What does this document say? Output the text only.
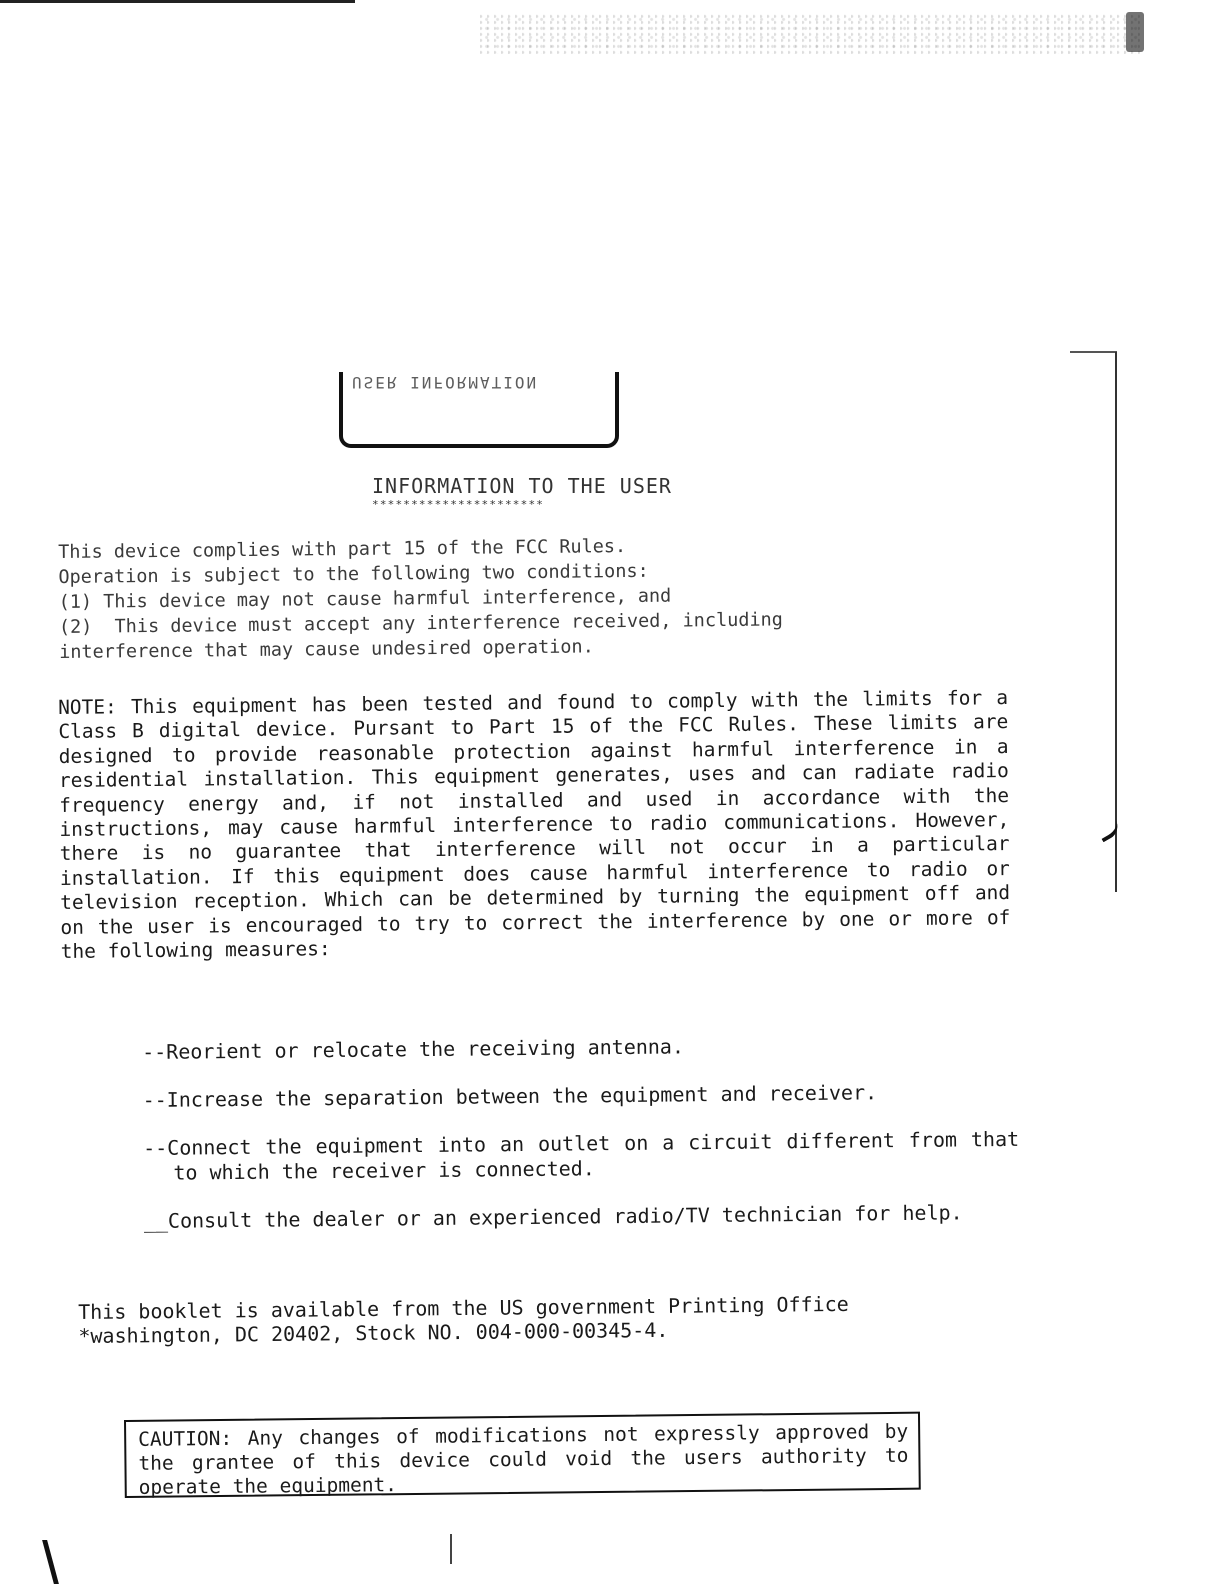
USER INFORMATION
INFORMATION TO THE USER
**********************
This device complies with part 15 of the FCC Rules.
Operation is subject to the following two conditions:
(1) This device may not cause harmful interference, and
(2)  This device must accept any interference received, including
interference that may cause undesired operation.

NOTE: This equipment has been tested and found to comply with the limits for a Class B digital device. Pursant to Part 15 of the FCC Rules. These limits are designed to provide reasonable protection against harmful interference in a residential installation. This equipment generates, uses and can radiate radio frequency energy and, if not installed and used in accordance with the instructions, may cause harmful interference to radio communications. However, there is no guarantee that interference will not occur in a particular installation. If this equipment does cause harmful interference to radio or television reception. Which can be determined by turning the equipment off and on the user is encouraged to try to correct the interference by one or more of the following measures:

--Reorient or relocate the receiving antenna.

--Increase the separation between the equipment and receiver.

--Connect the equipment into an outlet on a circuit different from that to which the receiver is connected.

__Consult the dealer or an experienced radio/TV technician for help.

This booklet is available from the US government Printing Office
*washington, DC 20402, Stock NO. 004-000-00345-4.
CAUTION: Any changes of modifications not expressly approved by the grantee of this device could void the users authority to operate the equipment.
